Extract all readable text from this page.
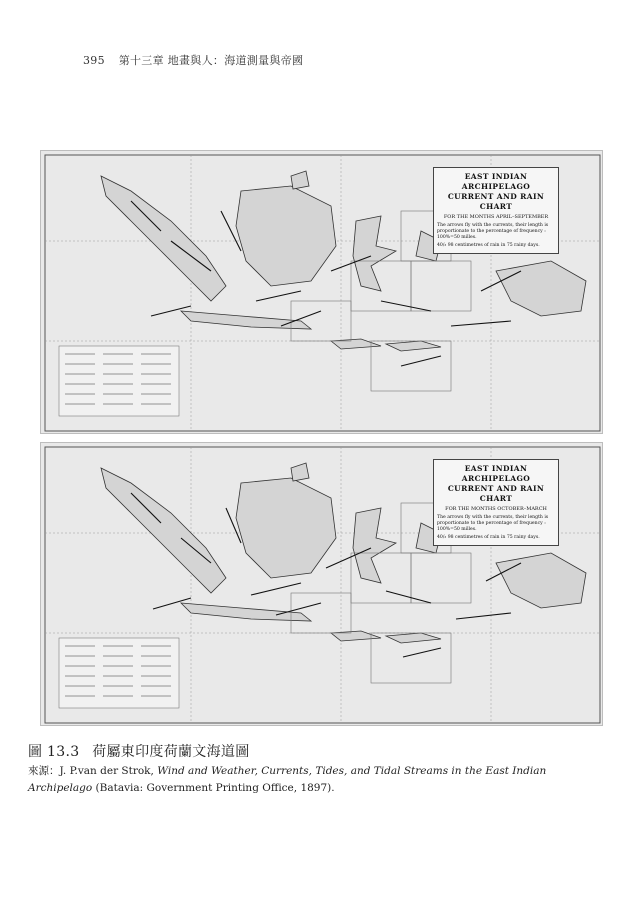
395 第十三章 地畫與人：海道測量與帝國
EAST INDIAN ARCHIPELAGO
CURRENT AND RAIN CHART
FOR THE MONTHS APRIL–SEPTEMBER
The arrows fly with the currents, their length is proportionate to the percentage of frequency : 100%=50 milles.
40/₃ 98 centimetres of rain in 75 rainy days.
EAST INDIAN ARCHIPELAGO
CURRENT AND RAIN CHART
FOR THE MONTHS OCTOBER–MARCH
The arrows fly with the currents, their length is proportionate to the percentage of frequency : 100%=50 milles.
40/₃ 98 centimetres of rain in 75 rainy days.
圖 13.3 荷屬東印度荷蘭文海道圖
來源：J. P.van der Strok, Wind and Weather, Currents, Tides, and Tidal Streams in the East Indian Archipelago (Batavia: Government Printing Office, 1897).
